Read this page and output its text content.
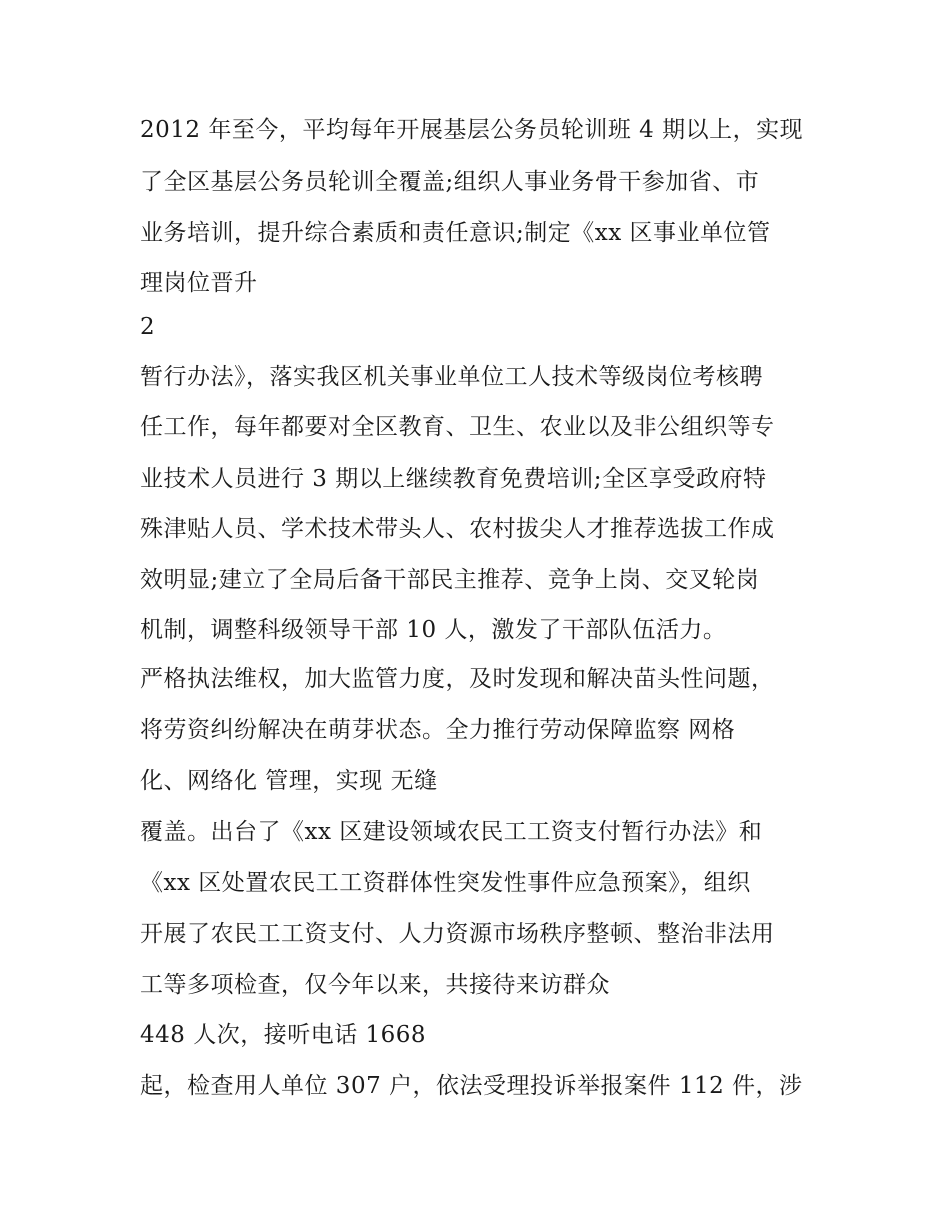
2012 年至今，平均每年开展基层公务员轮训班 4 期以上，实现
了全区基层公务员轮训全覆盖;组织人事业务骨干参加省、市
业务培训，提升综合素质和责任意识;制定《xx 区事业单位管
理岗位晋升
2
暂行办法》，落实我区机关事业单位工人技术等级岗位考核聘
任工作，每年都要对全区教育、卫生、农业以及非公组织等专
业技术人员进行 3 期以上继续教育免费培训;全区享受政府特
殊津贴人员、学术技术带头人、农村拔尖人才推荐选拔工作成
效明显;建立了全局后备干部民主推荐、竞争上岗、交叉轮岗
机制，调整科级领导干部 10 人，激发了干部队伍活力。
严格执法维权，加大监管力度，及时发现和解决苗头性问题，
将劳资纠纷解决在萌芽状态。全力推行劳动保障监察 网格
化、网络化 管理，实现 无缝
覆盖。出台了《xx 区建设领域农民工工资支付暂行办法》和
《xx 区处置农民工工资群体性突发性事件应急预案》，组织
开展了农民工工资支付、人力资源市场秩序整顿、整治非法用
工等多项检查，仅今年以来，共接待来访群众
448 人次，接听电话 1668
起，检查用人单位 307 户，依法受理投诉举报案件 112 件，涉
